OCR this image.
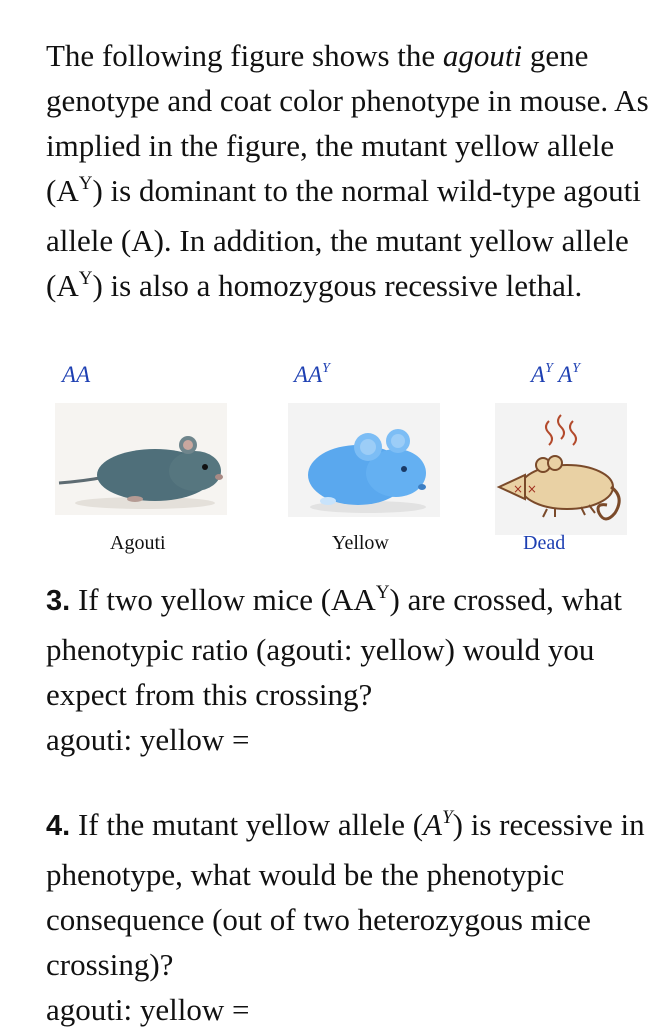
The following figure shows the agouti gene genotype and coat color phenotype in mouse. As implied in the figure, the mutant yellow allele $(A^Y)$ is dominant to the normal wild-type agouti allele (A). In addition, the mutant yellow allele $(A^Y)$ is also a homozygous recessive lethal.
AA	$AA^Y$	$A^Y$ $A^Y$
× ×
Agouti	Yellow	Dead
3. If two yellow mice $(AA^Y)$ are crossed, what phenotypic ratio (agouti: yellow) would you expect from this crossing?
agouti: yellow =
4. If the mutant yellow allele $(A^Y)$ is recessive in phenotype, what would be the phenotypic consequence (out of two heterozygous mice crossing)?
agouti: yellow =
